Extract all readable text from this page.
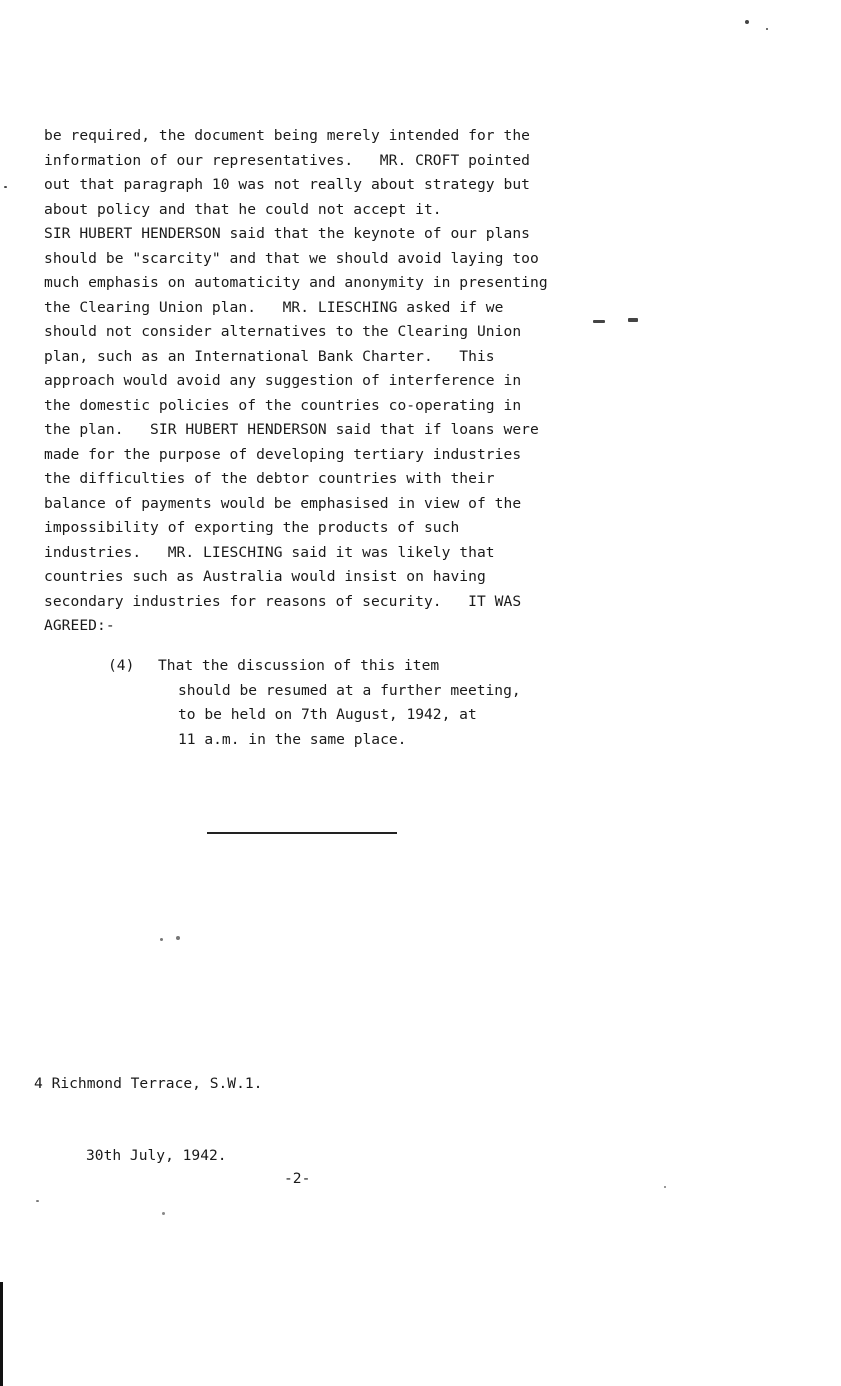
be required, the document being merely intended for the
information of our representatives.   MR. CROFT pointed
out that paragraph 10 was not really about strategy but
about policy and that he could not accept it.
SIR HUBERT HENDERSON said that the keynote of our plans
should be "scarcity" and that we should avoid laying too
much emphasis on automaticity and anonymity in presenting
the Clearing Union plan.   MR. LIESCHING asked if we
should not consider alternatives to the Clearing Union
plan, such as an International Bank Charter.   This
approach would avoid any suggestion of interference in
the domestic policies of the countries co-operating in
the plan.   SIR HUBERT HENDERSON said that if loans were
made for the purpose of developing tertiary industries
the difficulties of the debtor countries with their
balance of payments would be emphasised in view of the
impossibility of exporting the products of such
industries.   MR. LIESCHING said it was likely that
countries such as Australia would insist on having
secondary industries for reasons of security.   IT WAS
AGREED:-
(4) That the discussion of this item
should be resumed at a further meeting,
to be held on 7th August, 1942, at
11 a.m. in the same place.

4 Richmond Terrace, S.W.1.

30th July, 1942.

-2-
